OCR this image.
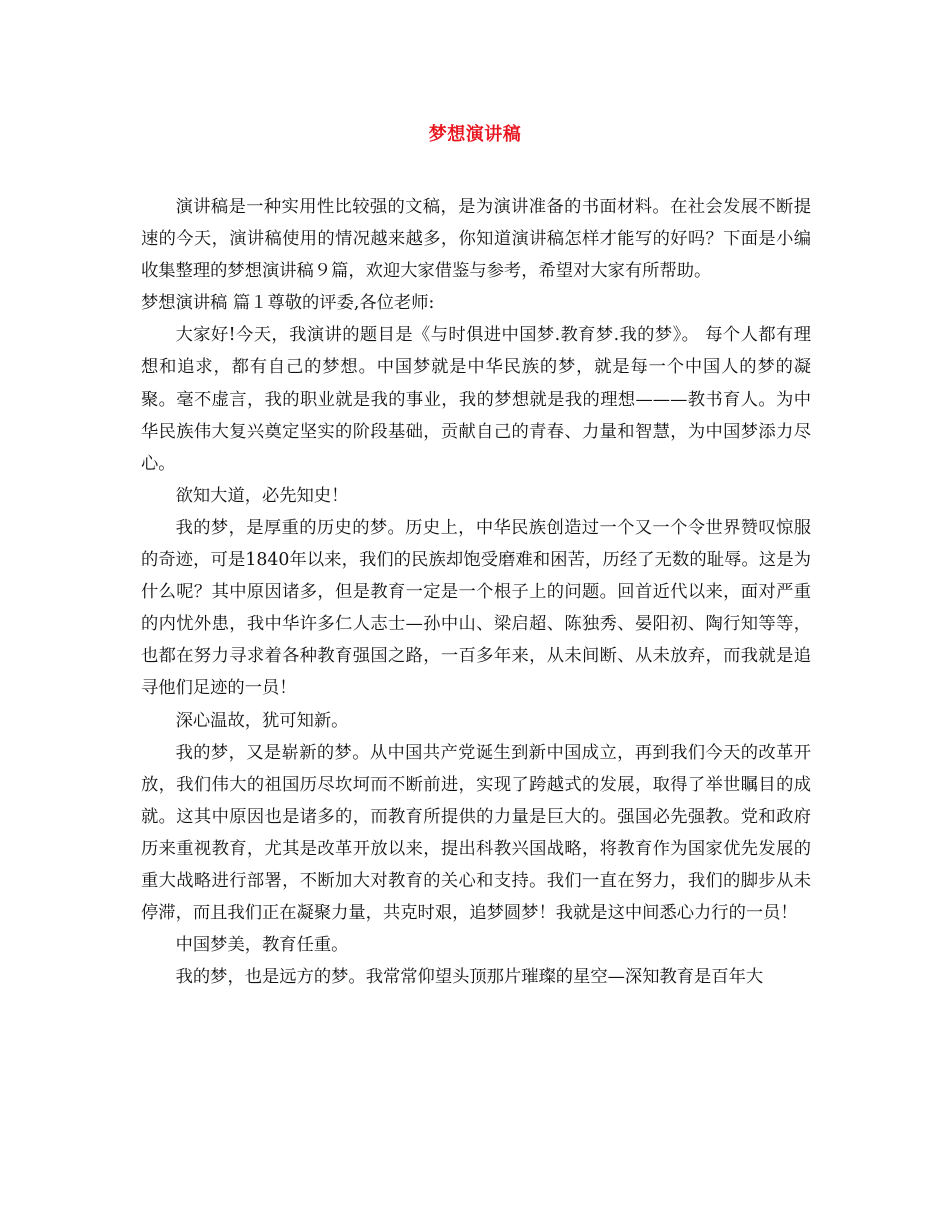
梦想演讲稿

演讲稿是一种实用性比较强的文稿，是为演讲准备的书面材料。在社会发展不断提速的今天，演讲稿使用的情况越来越多，你知道演讲稿怎样才能写的好吗？下面是小编收集整理的梦想演讲稿９篇，欢迎大家借鉴与参考，希望对大家有所帮助。

梦想演讲稿 篇１尊敬的评委,各位老师:

大家好!今天，我演讲的题目是《与时俱进中国梦.教育梦.我的梦》。 每个人都有理想和追求，都有自己的梦想。中国梦就是中华民族的梦，就是每一个中国人的梦的凝聚。毫不虚言，我的职业就是我的事业，我的梦想就是我的理想———教书育人。为中华民族伟大复兴奠定坚实的阶段基础，贡献自己的青春、力量和智慧，为中国梦添力尽心。

欲知大道，必先知史！

我的梦，是厚重的历史的梦。历史上，中华民族创造过一个又一个令世界赞叹惊服的奇迹，可是1840年以来，我们的民族却饱受磨难和困苦，历经了无数的耻辱。这是为什么呢？其中原因诸多，但是教育一定是一个根子上的问题。回首近代以来，面对严重的内忧外患，我中华许多仁人志士—孙中山、梁启超、陈独秀、晏阳初、陶行知等等，也都在努力寻求着各种教育强国之路，一百多年来，从未间断、从未放弃，而我就是追寻他们足迹的一员！

深心温故，犹可知新。

我的梦，又是崭新的梦。从中国共产党诞生到新中国成立，再到我们今天的改革开放，我们伟大的祖国历尽坎坷而不断前进，实现了跨越式的发展，取得了举世瞩目的成就。这其中原因也是诸多的，而教育所提供的力量是巨大的。强国必先强教。党和政府历来重视教育，尤其是改革开放以来，提出科教兴国战略，将教育作为国家优先发展的重大战略进行部署，不断加大对教育的关心和支持。我们一直在努力，我们的脚步从未停滞，而且我们正在凝聚力量，共克时艰，追梦圆梦！我就是这中间悉心力行的一员！

中国梦美，教育任重。

我的梦，也是远方的梦。我常常仰望头顶那片璀璨的星空—深知教育是百年大
